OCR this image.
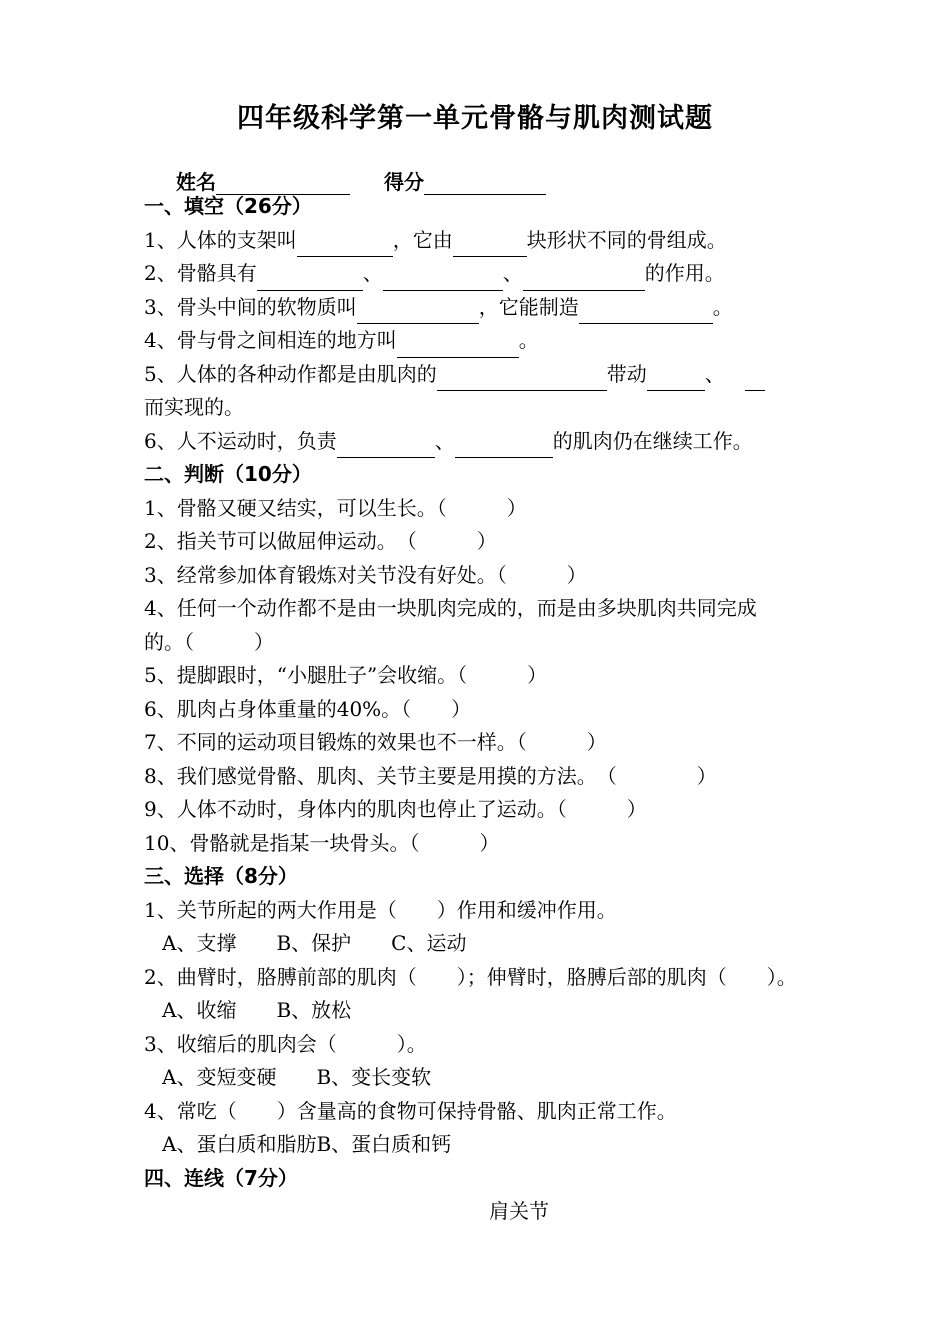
四年级科学第一单元骨骼与肌肉测试题
姓名	得分
一、填空（26分）
1、人体的支架叫	，它由	块形状不同的骨组成。
2、骨骼具有	、	、	的作用。
3、骨头中间的软物质叫	，它能制造	。
4、骨与骨之间相连的地方叫	。
5、人体的各种动作都是由肌肉的	带动	、
而实现的。
6、人不运动时，负责	、	的肌肉仍在继续工作。
二、判断（10分）
1、骨骼又硬又结实，可以生长。（　　　）
2、指关节可以做屈伸运动。　（　　　）
3、经常参加体育锻炼对关节没有好处。（　　　）
4、任何一个动作都不是由一块肌肉完成的，而是由多块肌肉共同完成
的。（　　　）
5、提脚跟时，“小腿肚子”会收缩。（　　　）
6、肌肉占身体重量的40%。（　　）
7、不同的运动项目锻炼的效果也不一样。（　　　）
8、我们感觉骨骼、肌肉、关节主要是用摸的方法。　（　　　　）
9、人体不动时，身体内的肌肉也停止了运动。（　　　）
10、骨骼就是指某一块骨头。（　　　）
三、选择（8分）
1、关节所起的两大作用是（　　）作用和缓冲作用。
A、支撑　　B、保护　　C、运动
2、曲臂时，胳膊前部的肌肉（　　）；伸臂时，胳膊后部的肌肉（　　）。
A、收缩　　B、放松
3、收缩后的肌肉会（　　　）。
A、变短变硬　　B、变长变软
4、常吃（　　）含量高的食物可保持骨骼、肌肉正常工作。
A、蛋白质和脂肪B、蛋白质和钙
四、连线（7分）
肩关节
